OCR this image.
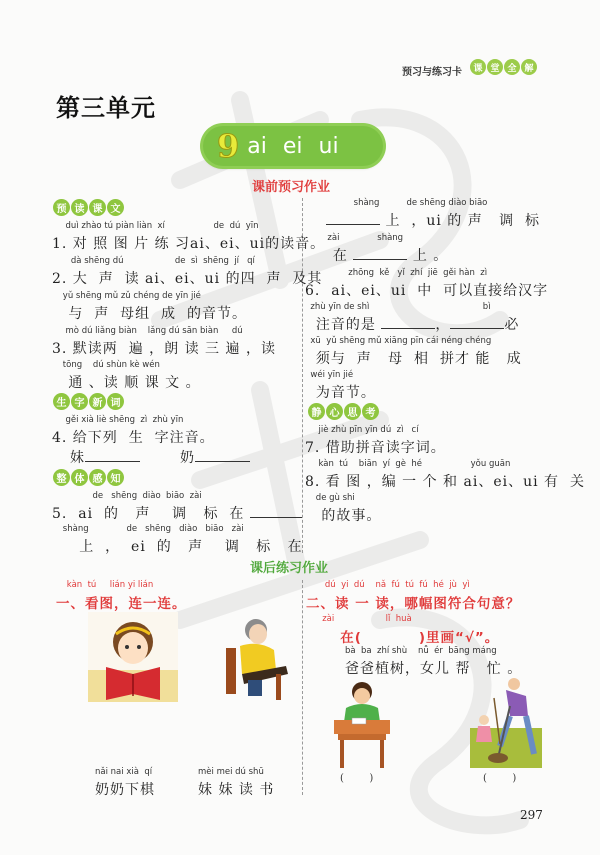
预习与练习卡	课 堂 全 解
第三单元
9 ai ei ui
课前预习作业
预 读 课 文
duì zhào tú piàn liàn  xí                  de  dú  yīn
1. 对 照 图 片 练 习ai、ei、ui的读音。
dà shēng dú                   de  sì  shēng  jí   qí
2. 大  声  读 ai、ei、ui 的四  声  及其
yǔ shēng mǔ zǔ chéng de yīn jié
与  声  母组  成  的音节。
mò dú liǎng biàn    lǎng dú sān biàn     dú
3. 默读两  遍 ，朗 读 三 遍 ，读
tōng    dú shùn kè wén
通 、读 顺 课 文 。
生 字 新 词
gěi xià liè shēng  zì  zhù yīn
4. 给下列  生  字注音。
妹	奶
整 体 感 知
de   shēng  diào  biāo  zài
5.  ai  的   声    调   标  在
shàng              de   shēng   diào   biāo   zài
上  ，  ei  的   声    调   标   在
shàng          de shēng diào biāo
上  ，ui 的 声   调  标
zài              shàng
在	上 。
zhōng  kě   yǐ  zhí  jiē  gěi hàn  zì
6.  ai、ei、ui  中  可以直接给汉字
zhù yīn de shì                                          bì
注音的是	，	必
xū  yǔ shēng mǔ xiāng pīn cái néng chéng
须与  声   母  相  拼才 能   成
wéi yīn jié
为音节。
静 心 思 考
jiè zhù pīn yīn dú  zì   cí
7. 借助拼音读字词。
kàn  tú    biān  yí  gè  hé                  yǒu guān
8. 看 图 ，编 一 个 和 ai、ei、ui 有  关
de gù shi
的故事。
课后练习作业
kàn  tú     lián yi lián
一、看图，连一连。
nǎi nai xià  qí
奶奶下棋
mèi mei dú shū
妹 妹 读 书
dú  yi  dú    nǎ  fú  tú  fú  hé  jù  yì
二、读 一 读，哪幅图符合句意？
zài                   lǐ  huà
在(          )里画“√”。
bà  ba  zhí shù    nǚ  ér  bāng máng
爸爸植树，女儿 帮   忙 。
(        )	(        )
297
